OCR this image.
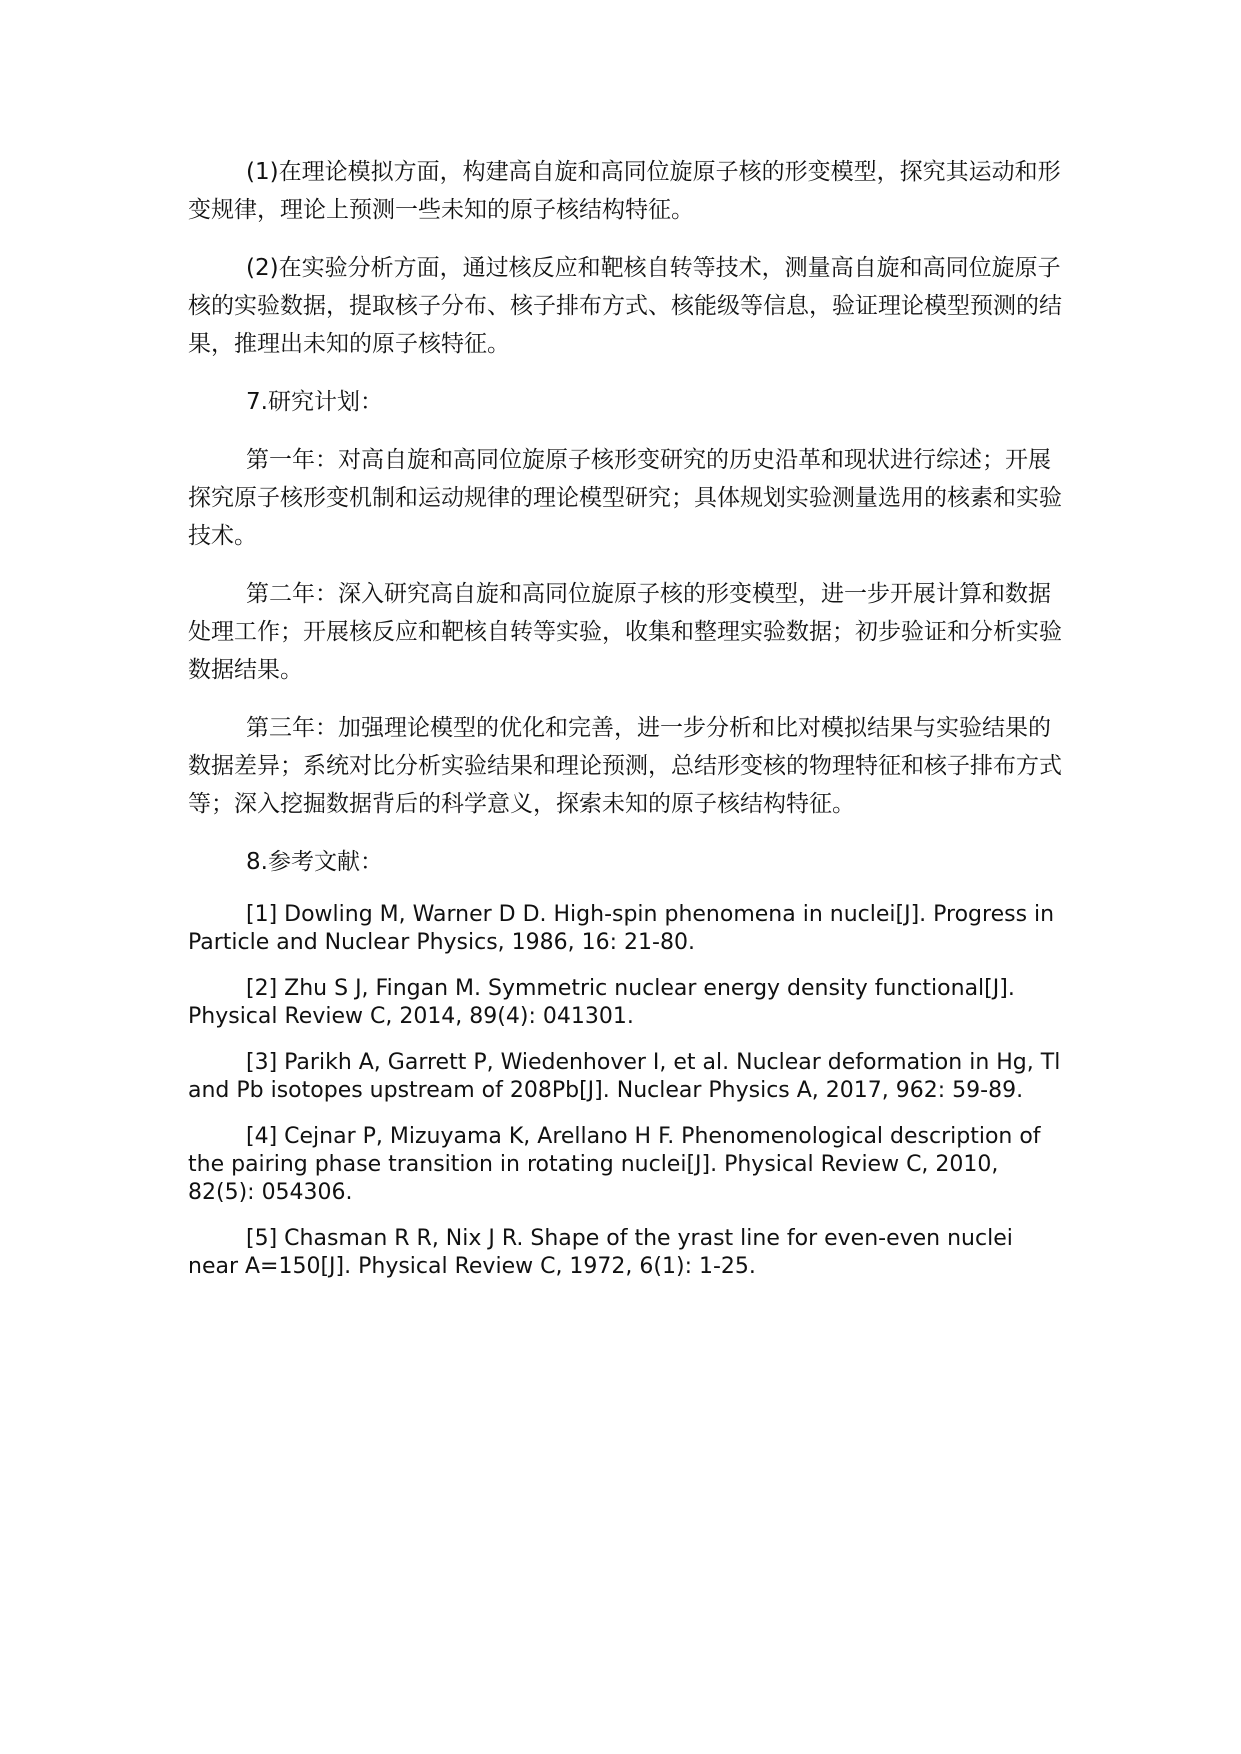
(1)在理论模拟方面，构建高自旋和高同位旋原子核的形变模型，探究其运动和形变规律，理论上预测一些未知的原子核结构特征。

(2)在实验分析方面，通过核反应和靶核自转等技术，测量高自旋和高同位旋原子核的实验数据，提取核子分布、核子排布方式、核能级等信息，验证理论模型预测的结果，推理出未知的原子核特征。

7.研究计划：

第一年：对高自旋和高同位旋原子核形变研究的历史沿革和现状进行综述；开展探究原子核形变机制和运动规律的理论模型研究；具体规划实验测量选用的核素和实验技术。

第二年：深入研究高自旋和高同位旋原子核的形变模型，进一步开展计算和数据处理工作；开展核反应和靶核自转等实验，收集和整理实验数据；初步验证和分析实验数据结果。

第三年：加强理论模型的优化和完善，进一步分析和比对模拟结果与实验结果的数据差异；系统对比分析实验结果和理论预测，总结形变核的物理特征和核子排布方式等；深入挖掘数据背后的科学意义，探索未知的原子核结构特征。

8.参考文献：

[1] Dowling M, Warner D D. High-spin phenomena in nuclei[J]. Progress in Particle and Nuclear Physics, 1986, 16: 21-80.

[2] Zhu S J, Fingan M. Symmetric nuclear energy density functional[J]. Physical Review C, 2014, 89(4): 041301.

[3] Parikh A, Garrett P, Wiedenhover I, et al. Nuclear deformation in Hg, Tl and Pb isotopes upstream of 208Pb[J]. Nuclear Physics A, 2017, 962: 59-89.

[4] Cejnar P, Mizuyama K, Arellano H F. Phenomenological description of the pairing phase transition in rotating nuclei[J]. Physical Review C, 2010, 82(5): 054306.

[5] Chasman R R, Nix J R. Shape of the yrast line for even-even nuclei near A=150[J]. Physical Review C, 1972, 6(1): 1-25.
